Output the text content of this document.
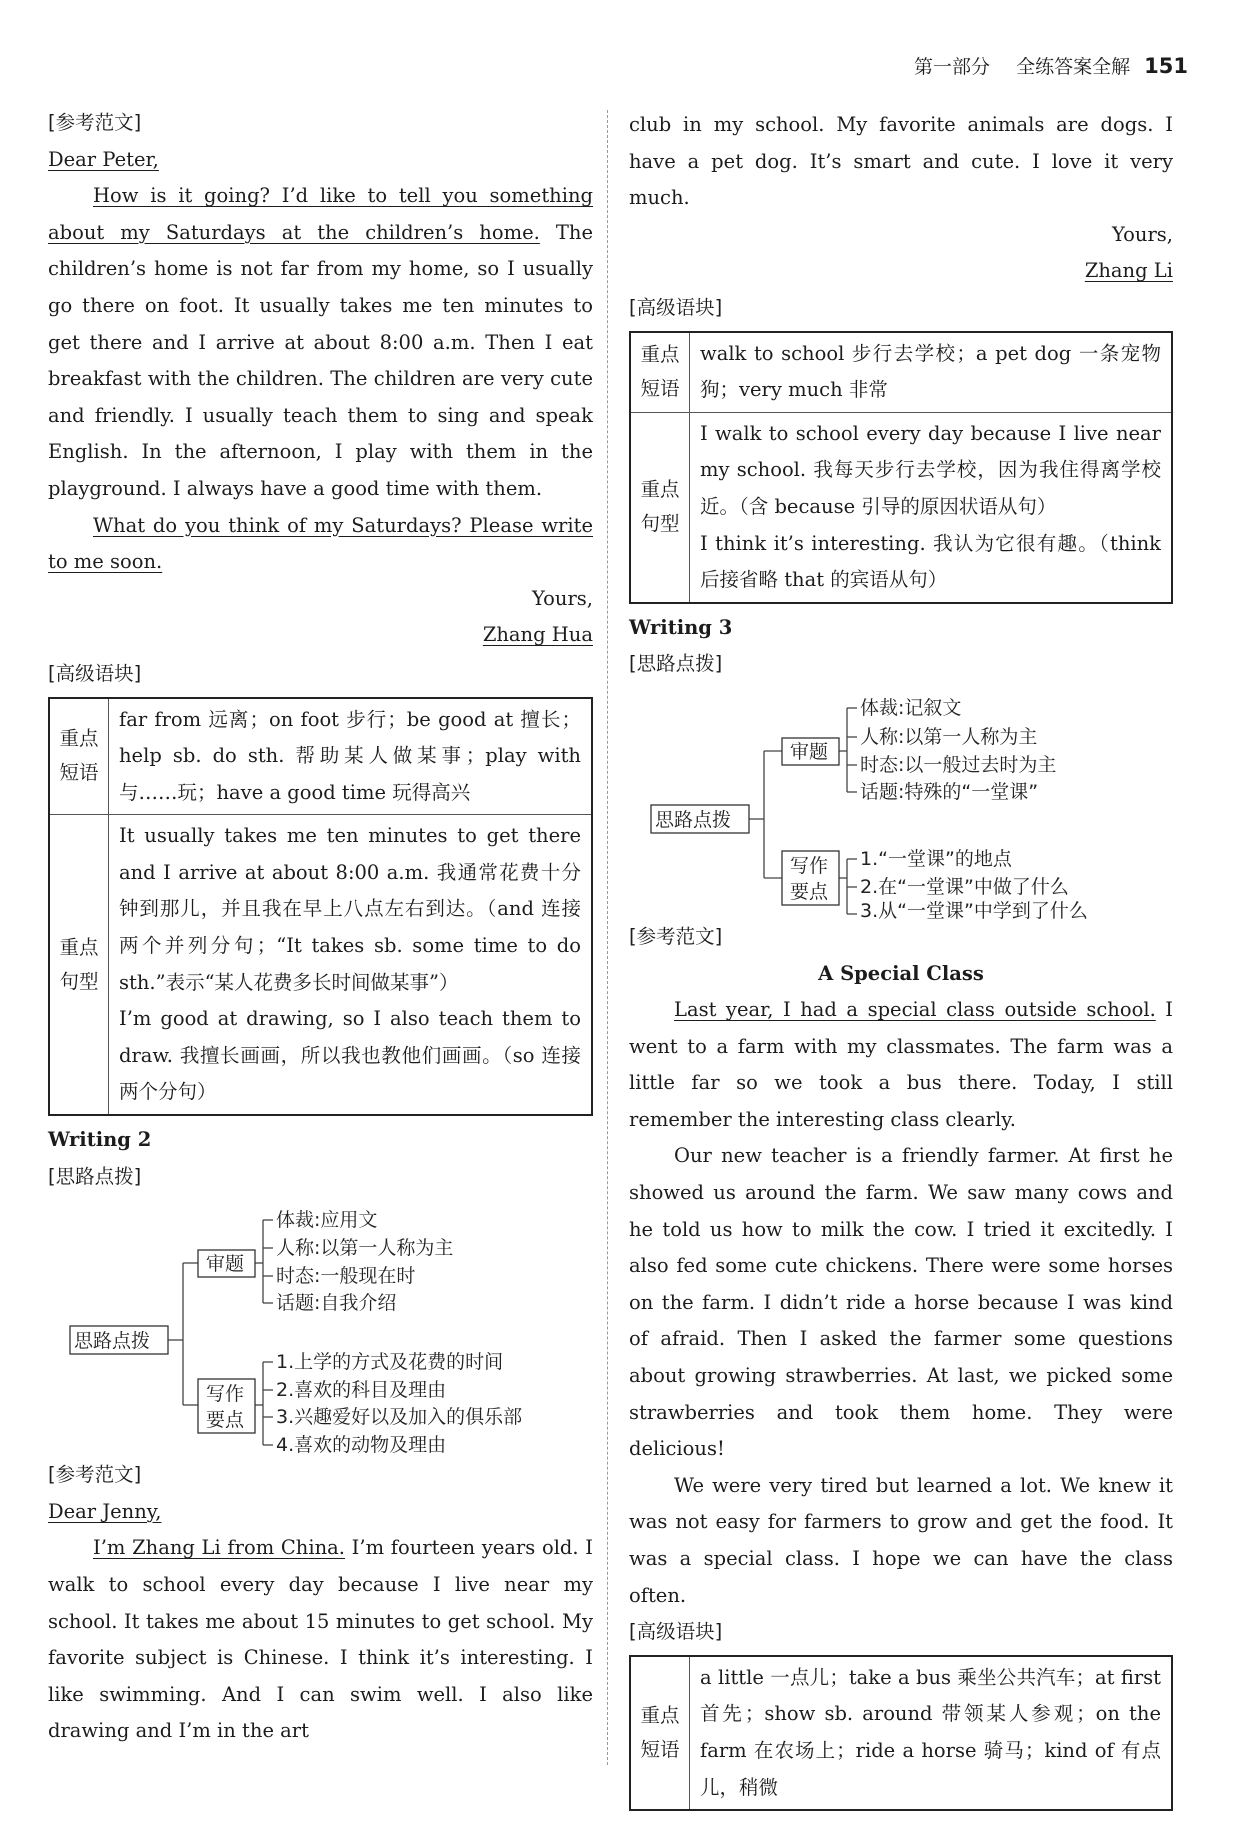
第一部分 全练答案全解 151

[参考范文]

Dear Peter,

How is it going? I’d like to tell you something about my Saturdays at the children’s home. The children’s home is not far from my home, so I usually go there on foot. It usually takes me ten minutes to get there and I arrive at about 8:00 a.m. Then I eat breakfast with the children. The children are very cute and friendly. I usually teach them to sing and speak English. In the afternoon, I play with them in the playground. I always have a good time with them.

What do you think of my Saturdays? Please write to me soon.

Yours,

Zhang Hua

[高级语块]

重点短语	far from 远离；on foot 步行；be good at 擅长；help sb. do sth. 帮助某人做某事；play with 与……玩；have a good time 玩得高兴
重点句型	It usually takes me ten minutes to get there and I arrive at about 8:00 a.m. 我通常花费十分钟到那儿，并且我在早上八点左右到达。（and 连接两个并列分句；“It takes sb. some time to do sth.”表示“某人花费多长时间做某事”）
I’m good at drawing, so I also teach them to draw. 我擅长画画，所以我也教他们画画。（so 连接两个分句）

Writing 2

[思路点拨]

思路点拨
审题
写作
要点
体裁:应用文
人称:以第一人称为主
时态:一般现在时
话题:自我介绍
1.上学的方式及花费的时间
2.喜欢的科目及理由
3.兴趣爱好以及加入的俱乐部
4.喜欢的动物及理由

[参考范文]

Dear Jenny,

I’m Zhang Li from China. I’m fourteen years old. I walk to school every day because I live near my school. It takes me about 15 minutes to get school. My favorite subject is Chinese. I think it’s interesting. I like swimming. And I can swim well. I also like drawing and I’m in the art

club in my school. My favorite animals are dogs. I have a pet dog. It’s smart and cute. I love it very much.

Yours,

Zhang Li

[高级语块]

重点短语	walk to school 步行去学校；a pet dog 一条宠物狗；very much 非常
重点句型	I walk to school every day because I live near my school. 我每天步行去学校，因为我住得离学校近。（含 because 引导的原因状语从句）
I think it’s interesting. 我认为它很有趣。（think 后接省略 that 的宾语从句）

Writing 3

[思路点拨]

思路点拨
审题
写作
要点
体裁:记叙文
人称:以第一人称为主
时态:以一般过去时为主
话题:特殊的“一堂课”
1.“一堂课”的地点
2.在“一堂课”中做了什么
3.从“一堂课”中学到了什么

[参考范文]

A Special Class

Last year, I had a special class outside school. I went to a farm with my classmates. The farm was a little far so we took a bus there. Today, I still remember the interesting class clearly.

Our new teacher is a friendly farmer. At first he showed us around the farm. We saw many cows and he told us how to milk the cow. I tried it excitedly. I also fed some cute chickens. There were some horses on the farm. I didn’t ride a horse because I was kind of afraid. Then I asked the farmer some questions about growing strawberries. At last, we picked some strawberries and took them home. They were delicious!

We were very tired but learned a lot. We knew it was not easy for farmers to grow and get the food. It was a special class. I hope we can have the class often.

[高级语块]

重点短语	a little 一点儿；take a bus 乘坐公共汽车；at first 首先；show sb. around 带领某人参观；on the farm 在农场上；ride a horse 骑马；kind of 有点儿，稍微
